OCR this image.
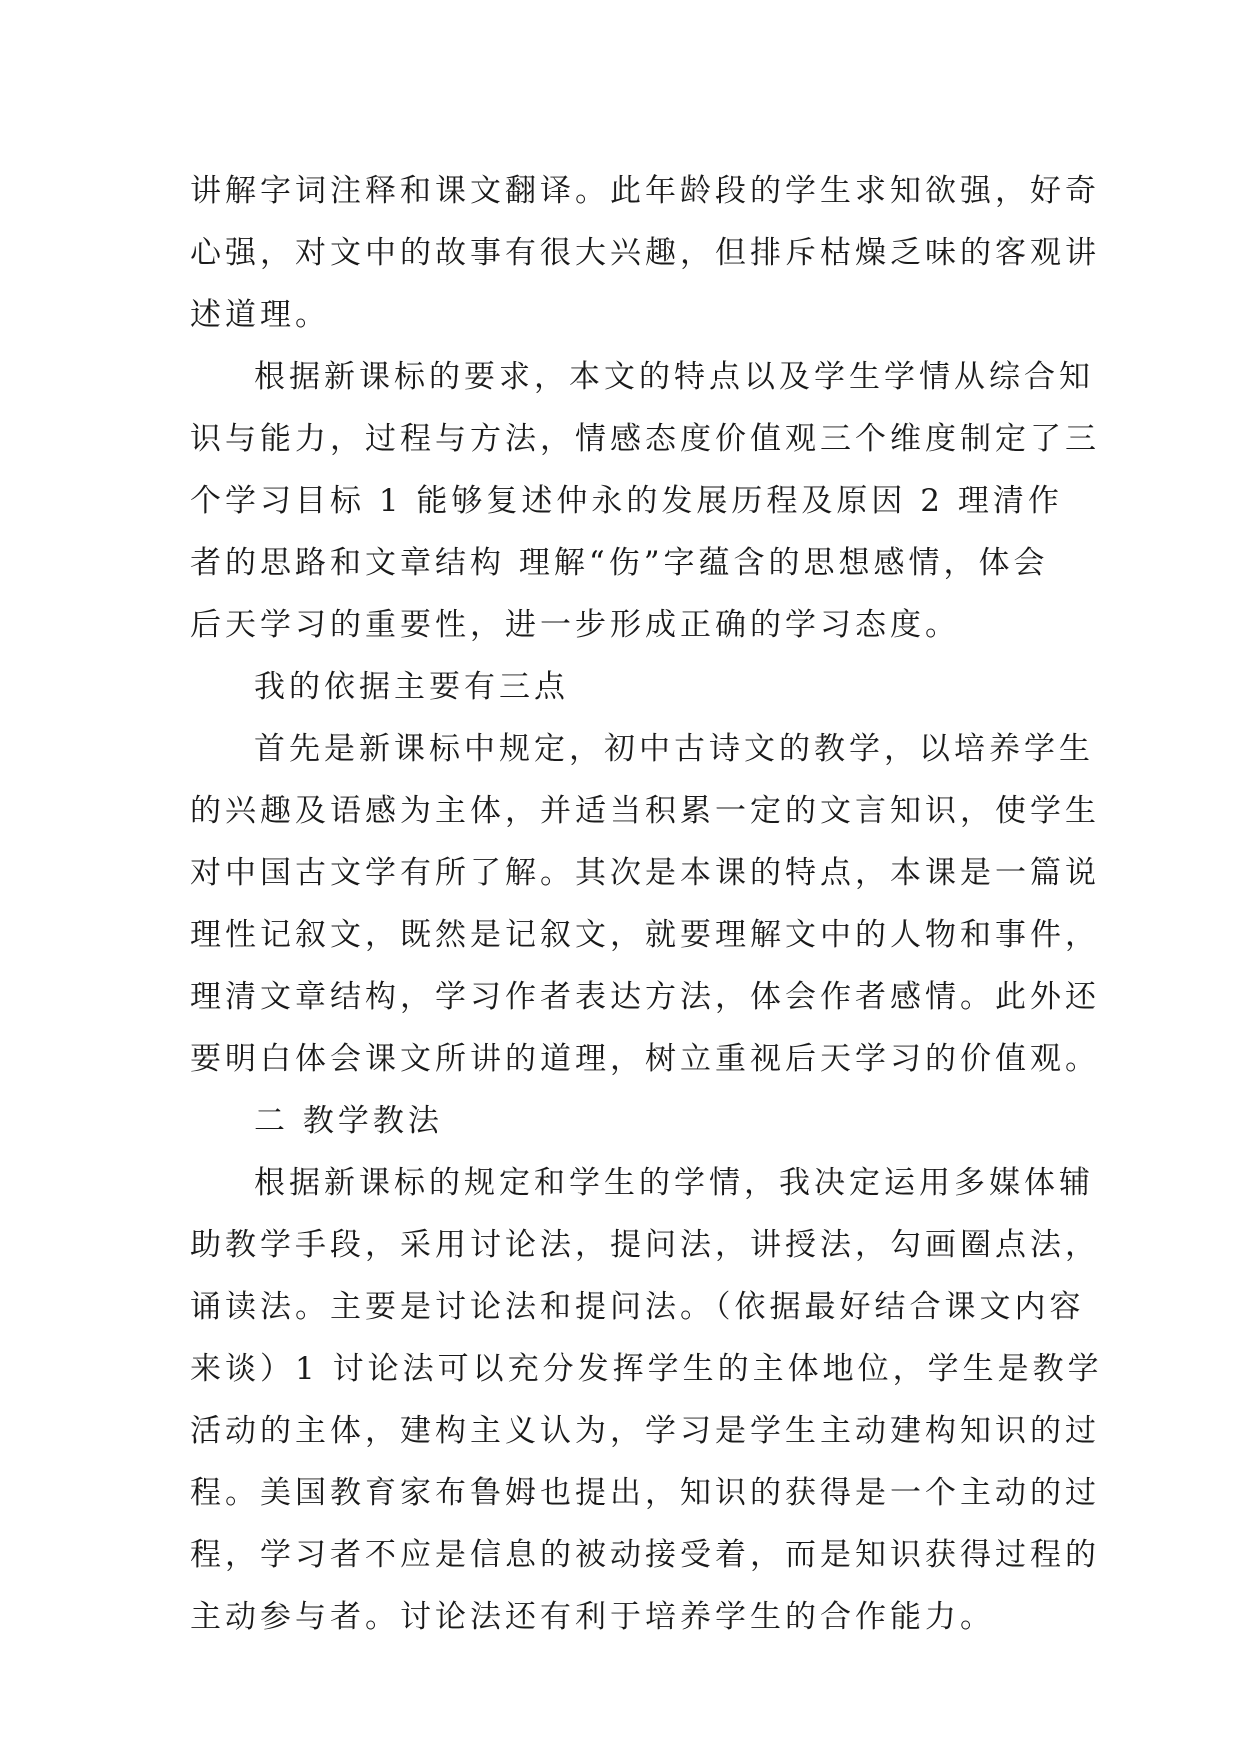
讲解字词注释和课文翻译。此年龄段的学生求知欲强，好奇
心强，对文中的故事有很大兴趣，但排斥枯燥乏味的客观讲
述道理。
根据新课标的要求，本文的特点以及学生学情从综合知
识与能力，过程与方法，情感态度价值观三个维度制定了三
个学习目标 1 能够复述仲永的发展历程及原因 2 理清作
者的思路和文章结构 理解“伤”字蕴含的思想感情，体会
后天学习的重要性，进一步形成正确的学习态度。
我的依据主要有三点
首先是新课标中规定，初中古诗文的教学，以培养学生
的兴趣及语感为主体，并适当积累一定的文言知识，使学生
对中国古文学有所了解。其次是本课的特点，本课是一篇说
理性记叙文，既然是记叙文，就要理解文中的人物和事件，
理清文章结构，学习作者表达方法，体会作者感情。此外还
要明白体会课文所讲的道理，树立重视后天学习的价值观。
二 教学教法
根据新课标的规定和学生的学情，我决定运用多媒体辅
助教学手段，采用讨论法，提问法，讲授法，勾画圈点法，
诵读法。主要是讨论法和提问法。（依据最好结合课文内容
来谈）1 讨论法可以充分发挥学生的主体地位，学生是教学
活动的主体，建构主义认为，学习是学生主动建构知识的过
程。美国教育家布鲁姆也提出，知识的获得是一个主动的过
程，学习者不应是信息的被动接受着，而是知识获得过程的
主动参与者。讨论法还有利于培养学生的合作能力。
